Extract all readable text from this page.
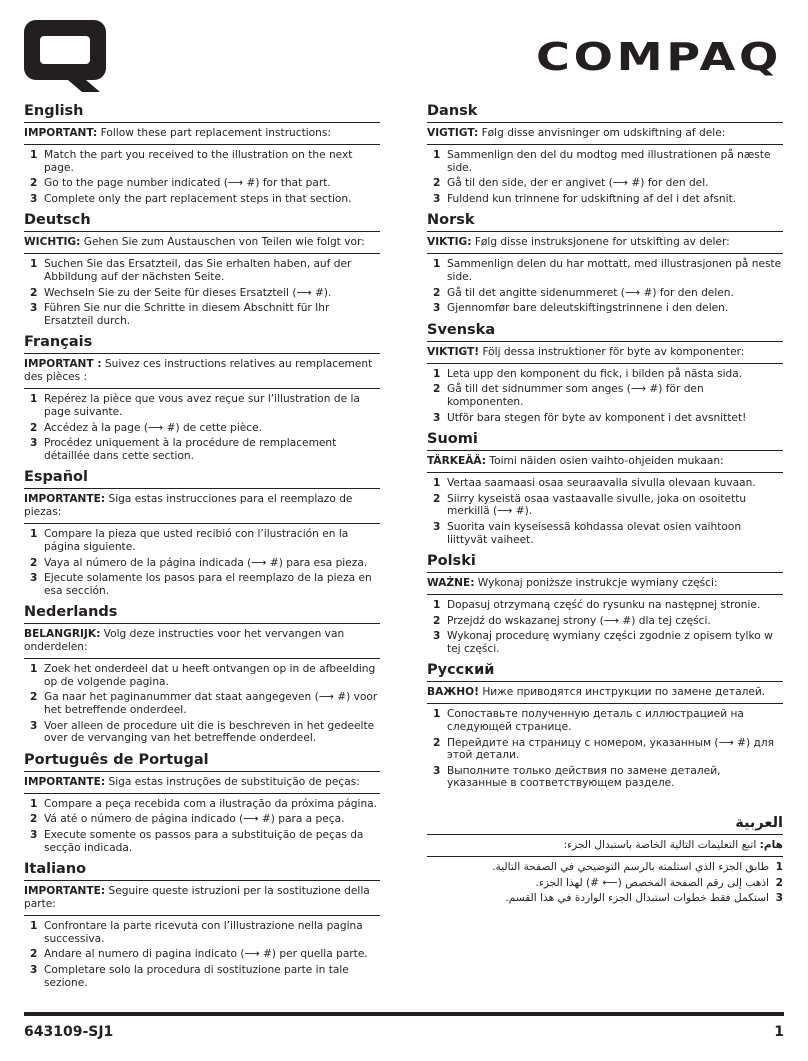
COMPAQ
English
IMPORTANT: Follow these part replacement instructions:
1 Match the part you received to the illustration on the next page.
2 Go to the page number indicated (⟶ #) for that part.
3 Complete only the part replacement steps in that section.
Deutsch
WICHTIG: Gehen Sie zum Austauschen von Teilen wie folgt vor:
1 Suchen Sie das Ersatzteil, das Sie erhalten haben, auf der Abbildung auf der nächsten Seite.
2 Wechseln Sie zu der Seite für dieses Ersatzteil (⟶ #).
3 Führen Sie nur die Schritte in diesem Abschnitt für Ihr Ersatzteil durch.
Français
IMPORTANT : Suivez ces instructions relatives au remplacement des pièces :
1 Repérez la pièce que vous avez reçue sur l’illustration de la page suivante.
2 Accédez à la page (⟶ #) de cette pièce.
3 Procédez uniquement à la procédure de remplacement détaillée dans cette section.
Español
IMPORTANTE: Siga estas instrucciones para el reemplazo de piezas:
1 Compare la pieza que usted recibió con l’ilustración en la página siguiente.
2 Vaya al número de la página indicada (⟶ #) para esa pieza.
3 Ejecute solamente los pasos para el reemplazo de la pieza en esa sección.
Nederlands
BELANGRIJK: Volg deze instructies voor het vervangen van onderdelen:
1 Zoek het onderdeel dat u heeft ontvangen op in de afbeelding op de volgende pagina.
2 Ga naar het paginanummer dat staat aangegeven (⟶ #) voor het betreffende onderdeel.
3 Voer alleen de procedure uit die is beschreven in het gedeelte over de vervanging van het betreffende onderdeel.
Português de Portugal
IMPORTANTE: Siga estas instruções de substituição de peças:
1 Compare a peça recebida com a ilustração da próxima página.
2 Vá até o número de página indicado (⟶ #) para a peça.
3 Execute somente os passos para a substituição de peças da secção indicada.
Italiano
IMPORTANTE: Seguire queste istruzioni per la sostituzione della parte:
1 Confrontare la parte ricevuta con l’illustrazione nella pagina successiva.
2 Andare al numero di pagina indicato (⟶ #) per quella parte.
3 Completare solo la procedura di sostituzione parte in tale sezione.
Dansk
VIGTIGT: Følg disse anvisninger om udskiftning af dele:
1 Sammenlign den del du modtog med illustrationen på næste side.
2 Gå til den side, der er angivet (⟶ #) for den del.
3 Fuldend kun trinnene for udskiftning af del i det afsnit.
Norsk
VIKTIG: Følg disse instruksjonene for utskifting av deler:
1 Sammenlign delen du har mottatt, med illustrasjonen på neste side.
2 Gå til det angitte sidenummeret (⟶ #) for den delen.
3 Gjennomfør bare deleutskiftingstrinnene i den delen.
Svenska
VIKTIGT! Följ dessa instruktioner för byte av komponenter:
1 Leta upp den komponent du fick, i bilden på nästa sida.
2 Gå till det sidnummer som anges (⟶ #) för den komponenten.
3 Utför bara stegen för byte av komponent i det avsnittet!
Suomi
TÄRKEÄÄ: Toimi näiden osien vaihto-ohjeiden mukaan:
1 Vertaa saamaasi osaa seuraavalla sivulla olevaan kuvaan.
2 Siirry kyseistä osaa vastaavalle sivulle, joka on osoitettu merkillä (⟶ #).
3 Suorita vain kyseisessä kohdassa olevat osien vaihtoon liittyvät vaiheet.
Polski
WAŻNE: Wykonaj poniższe instrukcje wymiany części:
1 Dopasuj otrzymaną część do rysunku na następnej stronie.
2 Przejdź do wskazanej strony (⟶ #) dla tej części.
3 Wykonaj procedurę wymiany części zgodnie z opisem tylko w tej części.
Русский
ВАЖНО! Ниже приводятся инструкции по замене деталей.
1 Сопоставьте полученную деталь с иллюстрацией на следующей странице.
2 Перейдите на страницу с номером, указанным (⟶ #) для этой детали.
3 Выполните только действия по замене деталей, указанные в соответствующем разделе.
العربية
هام: اتبع التعليمات التالية الخاصة باستبدال الجزء:
1
طابق الجزء الذي استلمته بالرسم التوضيحي في الصفحة التالية.
2
اذهب إلى رقم الصفحة المخصص (⟵ #) لهذا الجزء.
3
استكمل فقط خطوات استبدال الجزء الواردة في هذا القسم.
643109-SJ1	1
